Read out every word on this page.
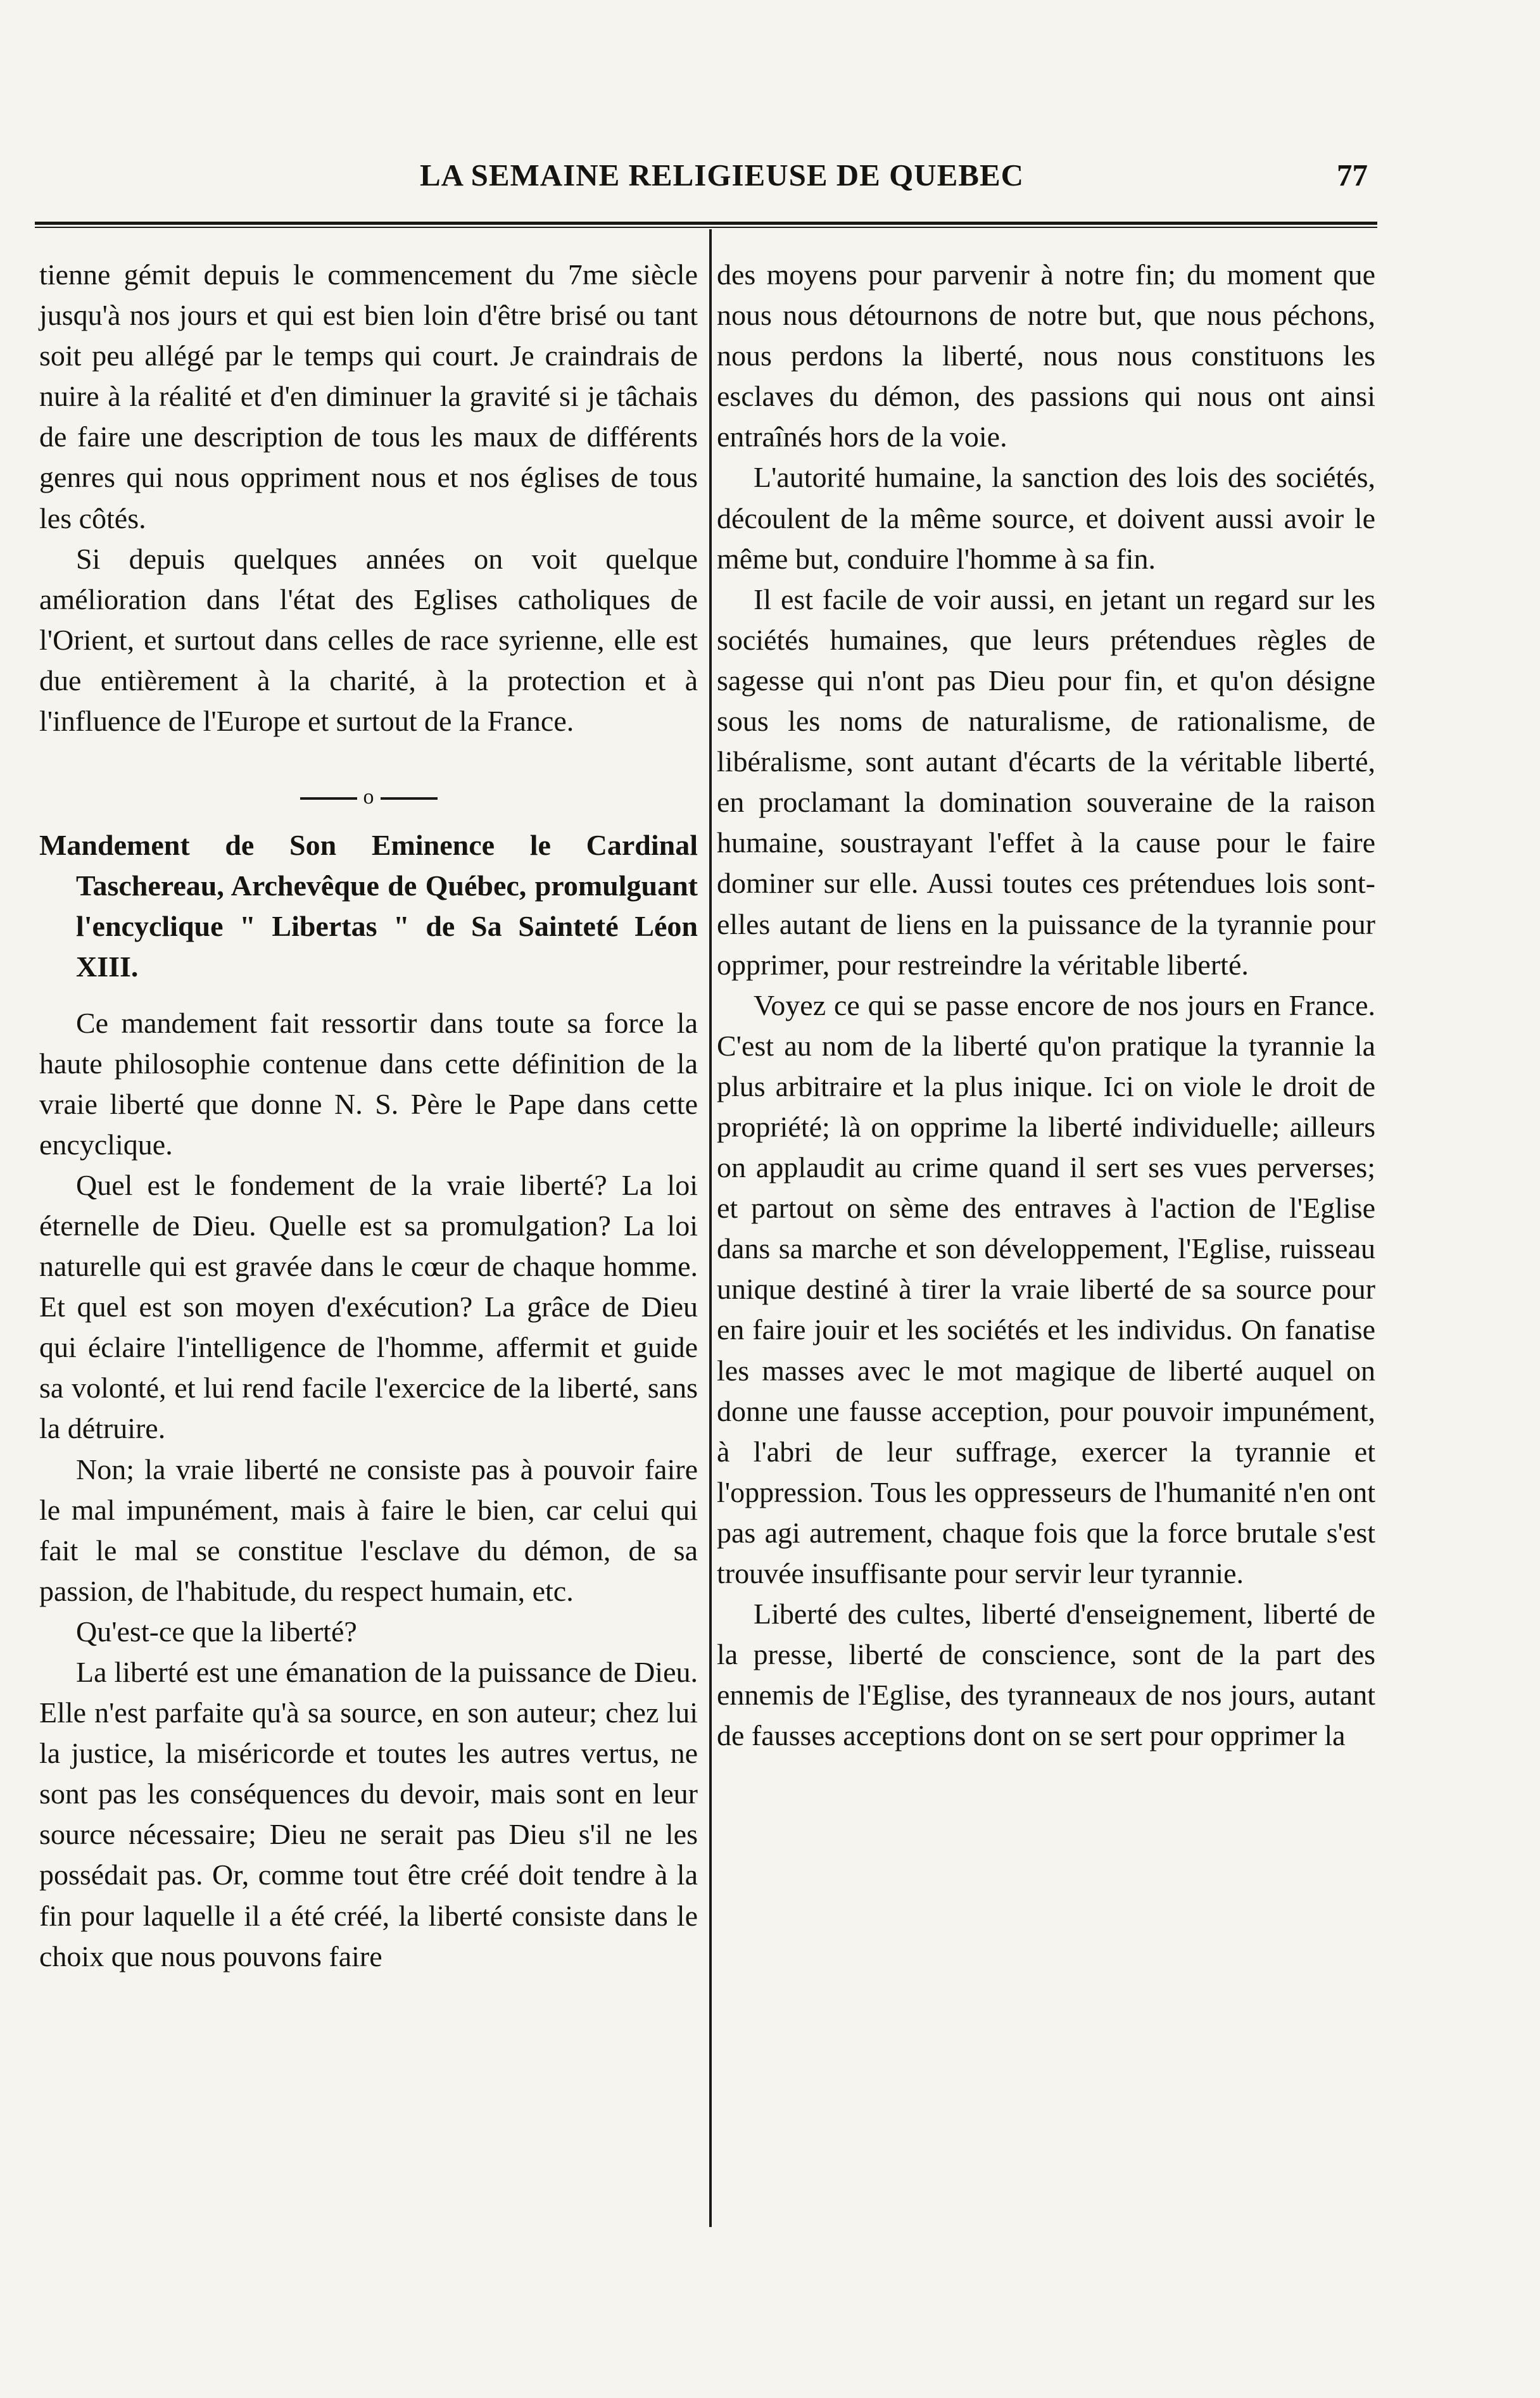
LA SEMAINE RELIGIEUSE DE QUEBEC	77

tienne gémit depuis le commencement du 7me siècle jusqu'à nos jours et qui est bien loin d'être brisé ou tant soit peu allégé par le temps qui court. Je craindrais de nuire à la réalité et d'en diminuer la gravité si je tâchais de faire une description de tous les maux de différents genres qui nous oppriment nous et nos églises de tous les côtés.

Si depuis quelques années on voit quelque amélioration dans l'état des Eglises catholiques de l'Orient, et surtout dans celles de race syrienne, elle est due entièrement à la charité, à la protection et à l'influence de l'Europe et surtout de la France.

o

Mandement de Son Eminence le Cardinal Taschereau, Archevêque de Québec, promulguant l'encyclique " Libertas " de Sa Sainteté Léon XIII.

Ce mandement fait ressortir dans toute sa force la haute philosophie contenue dans cette définition de la vraie liberté que donne N. S. Père le Pape dans cette encyclique.

Quel est le fondement de la vraie liberté? La loi éternelle de Dieu. Quelle est sa promulgation? La loi naturelle qui est gravée dans le cœur de chaque homme. Et quel est son moyen d'exécution? La grâce de Dieu qui éclaire l'intelligence de l'homme, affermit et guide sa volonté, et lui rend facile l'exercice de la liberté, sans la détruire.

Non; la vraie liberté ne consiste pas à pouvoir faire le mal impunément, mais à faire le bien, car celui qui fait le mal se constitue l'esclave du démon, de sa passion, de l'habitude, du respect humain, etc.

Qu'est-ce que la liberté?

La liberté est une émanation de la puissance de Dieu. Elle n'est parfaite qu'à sa source, en son auteur; chez lui la justice, la miséricorde et toutes les autres vertus, ne sont pas les conséquences du devoir, mais sont en leur source nécessaire; Dieu ne serait pas Dieu s'il ne les possédait pas. Or, comme tout être créé doit tendre à la fin pour laquelle il a été créé, la liberté consiste dans le choix que nous pouvons faire

des moyens pour parvenir à notre fin; du moment que nous nous détournons de notre but, que nous péchons, nous perdons la liberté, nous nous constituons les esclaves du démon, des passions qui nous ont ainsi entraînés hors de la voie.

L'autorité humaine, la sanction des lois des sociétés, découlent de la même source, et doivent aussi avoir le même but, conduire l'homme à sa fin.

Il est facile de voir aussi, en jetant un regard sur les sociétés humaines, que leurs prétendues règles de sagesse qui n'ont pas Dieu pour fin, et qu'on désigne sous les noms de naturalisme, de rationalisme, de libéralisme, sont autant d'écarts de la véritable liberté, en proclamant la domination souveraine de la raison humaine, soustrayant l'effet à la cause pour le faire dominer sur elle. Aussi toutes ces prétendues lois sont-elles autant de liens en la puissance de la tyrannie pour opprimer, pour restreindre la véritable liberté.

Voyez ce qui se passe encore de nos jours en France. C'est au nom de la liberté qu'on pratique la tyrannie la plus arbitraire et la plus inique. Ici on viole le droit de propriété; là on opprime la liberté individuelle; ailleurs on applaudit au crime quand il sert ses vues perverses; et partout on sème des entraves à l'action de l'Eglise dans sa marche et son développement, l'Eglise, ruisseau unique destiné à tirer la vraie liberté de sa source pour en faire jouir et les sociétés et les individus. On fanatise les masses avec le mot magique de liberté auquel on donne une fausse acception, pour pouvoir impunément, à l'abri de leur suffrage, exercer la tyrannie et l'oppression. Tous les oppresseurs de l'humanité n'en ont pas agi autrement, chaque fois que la force brutale s'est trouvée insuffisante pour servir leur tyrannie.

Liberté des cultes, liberté d'enseignement, liberté de la presse, liberté de conscience, sont de la part des ennemis de l'Eglise, des tyranneaux de nos jours, autant de fausses acceptions dont on se sert pour opprimer la
